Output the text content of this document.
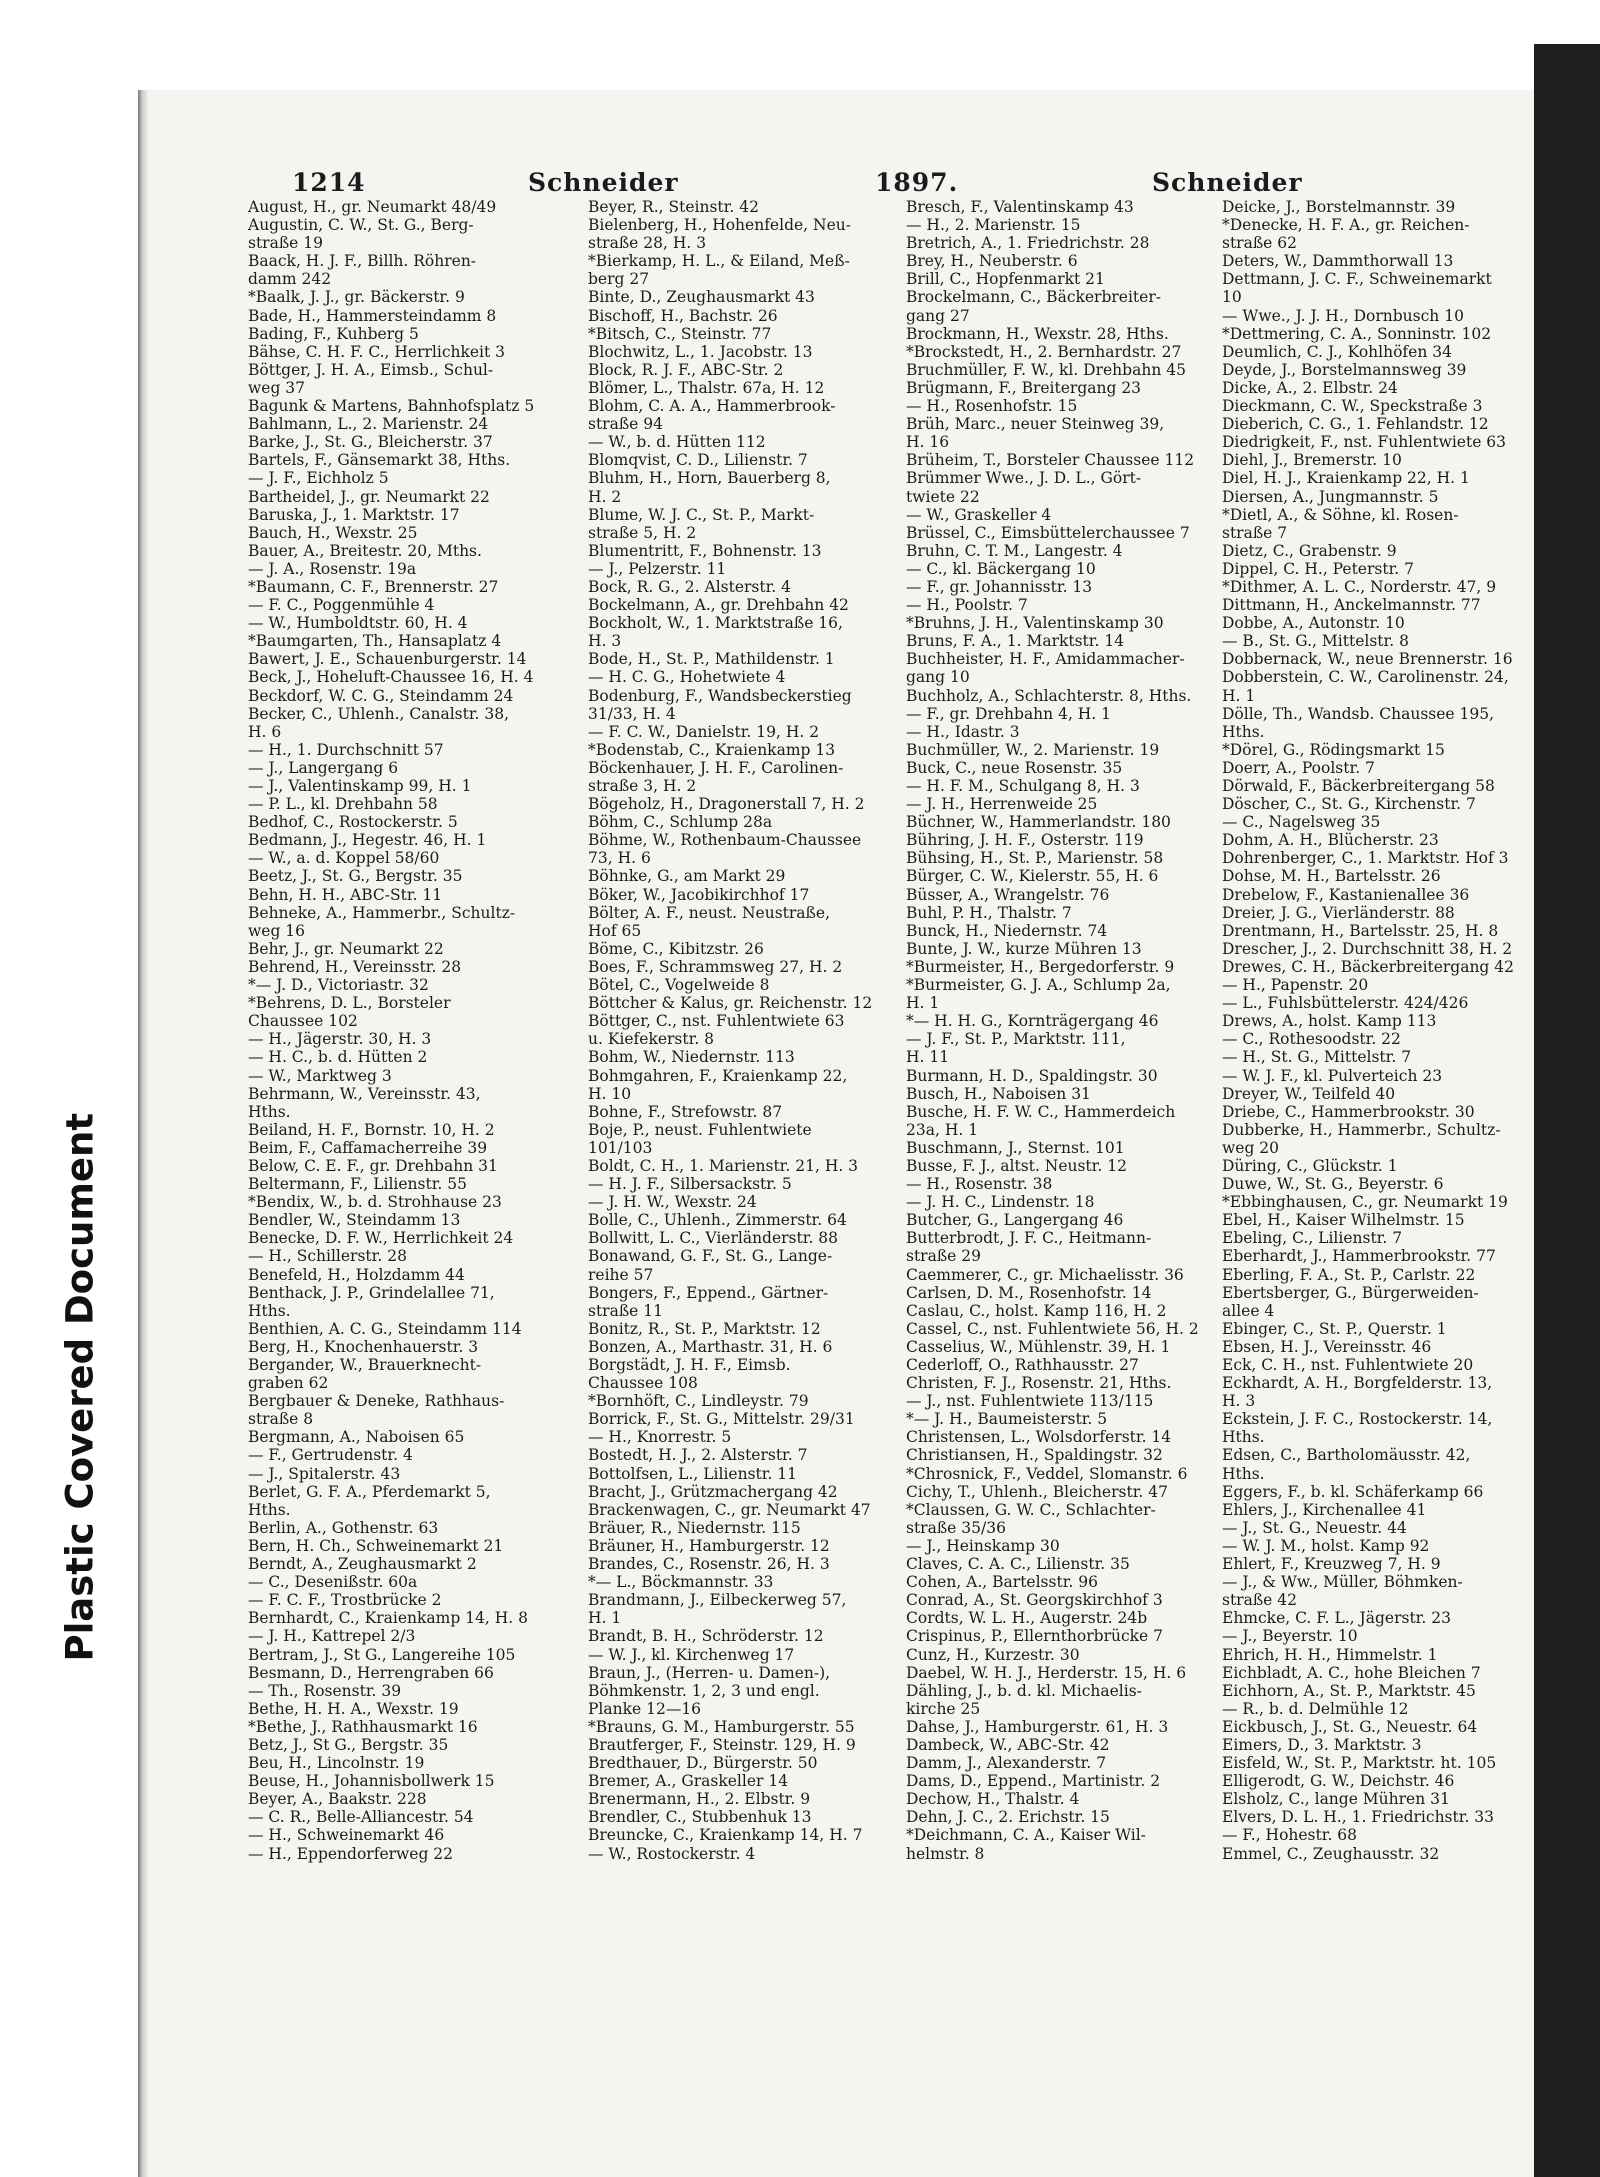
Plastic Covered Document
1214	Schneider	1897.	Schneider
August, H., gr. Neumarkt 48/49
Augustin, C. W., St. G., Berg-
straße 19
Baack, H. J. F., Billh. Röhren-
damm 242
*Baalk, J. J., gr. Bäckerstr. 9
Bade, H., Hammersteindamm 8
Bading, F., Kuhberg 5
Bähse, C. H. F. C., Herrlichkeit 3
Böttger, J. H. A., Eimsb., Schul-
weg 37
Bagunk & Martens, Bahnhofsplatz 5
Bahlmann, L., 2. Marienstr. 24
Barke, J., St. G., Bleicherstr. 37
Bartels, F., Gänsemarkt 38, Hths.
— J. F., Eichholz 5
Bartheidel, J., gr. Neumarkt 22
Baruska, J., 1. Marktstr. 17
Bauch, H., Wexstr. 25
Bauer, A., Breitestr. 20, Mths.
— J. A., Rosenstr. 19a
*Baumann, C. F., Brennerstr. 27
— F. C., Poggenmühle 4
— W., Humboldtstr. 60, H. 4
*Baumgarten, Th., Hansaplatz 4
Bawert, J. E., Schauenburgerstr. 14
Beck, J., Hoheluft-Chaussee 16, H. 4
Beckdorf, W. C. G., Steindamm 24
Becker, C., Uhlenh., Canalstr. 38,
H. 6
— H., 1. Durchschnitt 57
— J., Langergang 6
— J., Valentinskamp 99, H. 1
— P. L., kl. Drehbahn 58
Bedhof, C., Rostockerstr. 5
Bedmann, J., Hegestr. 46, H. 1
— W., a. d. Koppel 58/60
Beetz, J., St. G., Bergstr. 35
Behn, H. H., ABC-Str. 11
Behneke, A., Hammerbr., Schultz-
weg 16
Behr, J., gr. Neumarkt 22
Behrend, H., Vereinsstr. 28
*— J. D., Victoriastr. 32
*Behrens, D. L., Borsteler
Chaussee 102
— H., Jägerstr. 30, H. 3
— H. C., b. d. Hütten 2
— W., Marktweg 3
Behrmann, W., Vereinsstr. 43,
Hths.
Beiland, H. F., Bornstr. 10, H. 2
Beim, F., Caffamacherreihe 39
Below, C. E. F., gr. Drehbahn 31
Beltermann, F., Lilienstr. 55
*Bendix, W., b. d. Strohhause 23
Bendler, W., Steindamm 13
Benecke, D. F. W., Herrlichkeit 24
— H., Schillerstr. 28
Benefeld, H., Holzdamm 44
Benthack, J. P., Grindelallee 71,
Hths.
Benthien, A. C. G., Steindamm 114
Berg, H., Knochenhauerstr. 3
Bergander, W., Brauerknecht-
graben 62
Bergbauer & Deneke, Rathhaus-
straße 8
Bergmann, A., Naboisen 65
— F., Gertrudenstr. 4
— J., Spitalerstr. 43
Berlet, G. F. A., Pferdemarkt 5,
Hths.
Berlin, A., Gothenstr. 63
Bern, H. Ch., Schweinemarkt 21
Berndt, A., Zeughausmarkt 2
— C., Desenißstr. 60a
— F. C. F., Trostbrücke 2
Bernhardt, C., Kraienkamp 14, H. 8
— J. H., Kattrepel 2/3
Bertram, J., St G., Langereihe 105
Besmann, D., Herrengraben 66
— Th., Rosenstr. 39
Bethe, H. H. A., Wexstr. 19
*Bethe, J., Rathhausmarkt 16
Betz, J., St G., Bergstr. 35
Beu, H., Lincolnstr. 19
Beuse, H., Johannisbollwerk 15
Beyer, A., Baakstr. 228
— C. R., Belle-Alliancestr. 54
— H., Schweinemarkt 46
— H., Eppendorferweg 22
Beyer, R., Steinstr. 42
Bielenberg, H., Hohenfelde, Neu-
straße 28, H. 3
*Bierkamp, H. L., & Eiland, Meß-
berg 27
Binte, D., Zeughausmarkt 43
Bischoff, H., Bachstr. 26
*Bitsch, C., Steinstr. 77
Blochwitz, L., 1. Jacobstr. 13
Block, R. J. F., ABC-Str. 2
Blömer, L., Thalstr. 67a, H. 12
Blohm, C. A. A., Hammerbrook-
straße 94
— W., b. d. Hütten 112
Blomqvist, C. D., Lilienstr. 7
Bluhm, H., Horn, Bauerberg 8,
H. 2
Blume, W. J. C., St. P., Markt-
straße 5, H. 2
Blumentritt, F., Bohnenstr. 13
— J., Pelzerstr. 11
Bock, R. G., 2. Alsterstr. 4
Bockelmann, A., gr. Drehbahn 42
Bockholt, W., 1. Marktstraße 16,
H. 3
Bode, H., St. P., Mathildenstr. 1
— H. C. G., Hohetwiete 4
Bodenburg, F., Wandsbeckerstieg
31/33, H. 4
— F. C. W., Danielstr. 19, H. 2
*Bodenstab, C., Kraienkamp 13
Böckenhauer, J. H. F., Carolinen-
straße 3, H. 2
Bögeholz, H., Dragonerstall 7, H. 2
Böhm, C., Schlump 28a
Böhme, W., Rothenbaum-Chaussee
73, H. 6
Böhnke, G., am Markt 29
Böker, W., Jacobikirchhof 17
Bölter, A. F., neust. Neustraße,
Hof 65
Böme, C., Kibitzstr. 26
Boes, F., Schrammsweg 27, H. 2
Bötel, C., Vogelweide 8
Böttcher & Kalus, gr. Reichenstr. 12
Böttger, C., nst. Fuhlentwiete 63
u. Kiefekerstr. 8
Bohm, W., Niedernstr. 113
Bohmgahren, F., Kraienkamp 22,
H. 10
Bohne, F., Strefowstr. 87
Boje, P., neust. Fuhlentwiete
101/103
Boldt, C. H., 1. Marienstr. 21, H. 3
— H. J. F., Silbersackstr. 5
— J. H. W., Wexstr. 24
Bolle, C., Uhlenh., Zimmerstr. 64
Bollwitt, L. C., Vierländerstr. 88
Bonawand, G. F., St. G., Lange-
reihe 57
Bongers, F., Eppend., Gärtner-
straße 11
Bonitz, R., St. P., Marktstr. 12
Bonzen, A., Marthastr. 31, H. 6
Borgstädt, J. H. F., Eimsb.
Chaussee 108
*Bornhöft, C., Lindleystr. 79
Borrick, F., St. G., Mittelstr. 29/31
— H., Knorrestr. 5
Bostedt, H. J., 2. Alsterstr. 7
Bottolfsen, L., Lilienstr. 11
Bracht, J., Grützmachergang 42
Brackenwagen, C., gr. Neumarkt 47
Bräuer, R., Niedernstr. 115
Bräuner, H., Hamburgerstr. 12
Brandes, C., Rosenstr. 26, H. 3
*— L., Böckmannstr. 33
Brandmann, J., Eilbeckerweg 57,
H. 1
Brandt, B. H., Schröderstr. 12
— W. J., kl. Kirchenweg 17
Braun, J., (Herren- u. Damen-),
Böhmkenstr. 1, 2, 3 und engl.
Planke 12—16
*Brauns, G. M., Hamburgerstr. 55
Brautferger, F., Steinstr. 129, H. 9
Bredthauer, D., Bürgerstr. 50
Bremer, A., Graskeller 14
Brenermann, H., 2. Elbstr. 9
Brendler, C., Stubbenhuk 13
Breuncke, C., Kraienkamp 14, H. 7
— W., Rostockerstr. 4
Bresch, F., Valentinskamp 43
— H., 2. Marienstr. 15
Bretrich, A., 1. Friedrichstr. 28
Brey, H., Neuberstr. 6
Brill, C., Hopfenmarkt 21
Brockelmann, C., Bäckerbreiter-
gang 27
Brockmann, H., Wexstr. 28, Hths.
*Brockstedt, H., 2. Bernhardstr. 27
Bruchmüller, F. W., kl. Drehbahn 45
Brügmann, F., Breitergang 23
— H., Rosenhofstr. 15
Brüh, Marc., neuer Steinweg 39,
H. 16
Brüheim, T., Borsteler Chaussee 112
Brümmer Wwe., J. D. L., Gört-
twiete 22
— W., Graskeller 4
Brüssel, C., Eimsbüttelerchaussee 7
Bruhn, C. T. M., Langestr. 4
— C., kl. Bäckergang 10
— F., gr. Johannisstr. 13
— H., Poolstr. 7
*Bruhns, J. H., Valentinskamp 30
Bruns, F. A., 1. Marktstr. 14
Buchheister, H. F., Amidammacher-
gang 10
Buchholz, A., Schlachterstr. 8, Hths.
— F., gr. Drehbahn 4, H. 1
— H., Idastr. 3
Buchmüller, W., 2. Marienstr. 19
Buck, C., neue Rosenstr. 35
— H. F. M., Schulgang 8, H. 3
— J. H., Herrenweide 25
Büchner, W., Hammerlandstr. 180
Bühring, J. H. F., Osterstr. 119
Bühsing, H., St. P., Marienstr. 58
Bürger, C. W., Kielerstr. 55, H. 6
Büsser, A., Wrangelstr. 76
Buhl, P. H., Thalstr. 7
Bunck, H., Niedernstr. 74
Bunte, J. W., kurze Mühren 13
*Burmeister, H., Bergedorferstr. 9
*Burmeister, G. J. A., Schlump 2a,
H. 1
*— H. H. G., Kornträgergang 46
— J. F., St. P., Marktstr. 111,
H. 11
Burmann, H. D., Spaldingstr. 30
Busch, H., Naboisen 31
Busche, H. F. W. C., Hammerdeich
23a, H. 1
Buschmann, J., Sternst. 101
Busse, F. J., altst. Neustr. 12
— H., Rosenstr. 38
— J. H. C., Lindenstr. 18
Butcher, G., Langergang 46
Butterbrodt, J. F. C., Heitmann-
straße 29
Caemmerer, C., gr. Michaelisstr. 36
Carlsen, D. M., Rosenhofstr. 14
Caslau, C., holst. Kamp 116, H. 2
Cassel, C., nst. Fuhlentwiete 56, H. 2
Casselius, W., Mühlenstr. 39, H. 1
Cederloff, O., Rathhausstr. 27
Christen, F. J., Rosenstr. 21, Hths.
— J., nst. Fuhlentwiete 113/115
*— J. H., Baumeisterstr. 5
Christensen, L., Wolsdorferstr. 14
Christiansen, H., Spaldingstr. 32
*Chrosnick, F., Veddel, Slomanstr. 6
Cichy, T., Uhlenh., Bleicherstr. 47
*Claussen, G. W. C., Schlachter-
straße 35/36
— J., Heinskamp 30
Claves, C. A. C., Lilienstr. 35
Cohen, A., Bartelsstr. 96
Conrad, A., St. Georgskirchhof 3
Cordts, W. L. H., Augerstr. 24b
Crispinus, P., Ellernthorbrücke 7
Cunz, H., Kurzestr. 30
Daebel, W. H. J., Herderstr. 15, H. 6
Dähling, J., b. d. kl. Michaelis-
kirche 25
Dahse, J., Hamburgerstr. 61, H. 3
Dambeck, W., ABC-Str. 42
Damm, J., Alexanderstr. 7
Dams, D., Eppend., Martinistr. 2
Dechow, H., Thalstr. 4
Dehn, J. C., 2. Erichstr. 15
*Deichmann, C. A., Kaiser Wil-
helmstr. 8
Deicke, J., Borstelmannstr. 39
*Denecke, H. F. A., gr. Reichen-
straße 62
Deters, W., Dammthorwall 13
Dettmann, J. C. F., Schweinemarkt
10
— Wwe., J. J. H., Dornbusch 10
*Dettmering, C. A., Sonninstr. 102
Deumlich, C. J., Kohlhöfen 34
Deyde, J., Borstelmannsweg 39
Dicke, A., 2. Elbstr. 24
Dieckmann, C. W., Speckstraße 3
Dieberich, C. G., 1. Fehlandstr. 12
Diedrigkeit, F., nst. Fuhlentwiete 63
Diehl, J., Bremerstr. 10
Diel, H. J., Kraienkamp 22, H. 1
Diersen, A., Jungmannstr. 5
*Dietl, A., & Söhne, kl. Rosen-
straße 7
Dietz, C., Grabenstr. 9
Dippel, C. H., Peterstr. 7
*Dithmer, A. L. C., Norderstr. 47, 9
Dittmann, H., Anckelmannstr. 77
Dobbe, A., Autonstr. 10
— B., St. G., Mittelstr. 8
Dobbernack, W., neue Brennerstr. 16
Dobberstein, C. W., Carolinenstr. 24,
H. 1
Dölle, Th., Wandsb. Chaussee 195,
Hths.
*Dörel, G., Rödingsmarkt 15
Doerr, A., Poolstr. 7
Dörwald, F., Bäckerbreitergang 58
Döscher, C., St. G., Kirchenstr. 7
— C., Nagelsweg 35
Dohm, A. H., Blücherstr. 23
Dohrenberger, C., 1. Marktstr. Hof 3
Dohse, M. H., Bartelsstr. 26
Drebelow, F., Kastanienallee 36
Dreier, J. G., Vierländerstr. 88
Drentmann, H., Bartelsstr. 25, H. 8
Drescher, J., 2. Durchschnitt 38, H. 2
Drewes, C. H., Bäckerbreitergang 42
— H., Papenstr. 20
— L., Fuhlsbüttelerstr. 424/426
Drews, A., holst. Kamp 113
— C., Rothesoodstr. 22
— H., St. G., Mittelstr. 7
— W. J. F., kl. Pulverteich 23
Dreyer, W., Teilfeld 40
Driebe, C., Hammerbrookstr. 30
Dubberke, H., Hammerbr., Schultz-
weg 20
Düring, C., Glückstr. 1
Duwe, W., St. G., Beyerstr. 6
*Ebbinghausen, C., gr. Neumarkt 19
Ebel, H., Kaiser Wilhelmstr. 15
Ebeling, C., Lilienstr. 7
Eberhardt, J., Hammerbrookstr. 77
Eberling, F. A., St. P., Carlstr. 22
Ebertsberger, G., Bürgerweiden-
allee 4
Ebinger, C., St. P., Querstr. 1
Ebsen, H. J., Vereinsstr. 46
Eck, C. H., nst. Fuhlentwiete 20
Eckhardt, A. H., Borgfelderstr. 13,
H. 3
Eckstein, J. F. C., Rostockerstr. 14,
Hths.
Edsen, C., Bartholomäusstr. 42,
Hths.
Eggers, F., b. kl. Schäferkamp 66
Ehlers, J., Kirchenallee 41
— J., St. G., Neuestr. 44
— W. J. M., holst. Kamp 92
Ehlert, F., Kreuzweg 7, H. 9
— J., & Ww., Müller, Böhmken-
straße 42
Ehmcke, C. F. L., Jägerstr. 23
— J., Beyerstr. 10
Ehrich, H. H., Himmelstr. 1
Eichbladt, A. C., hohe Bleichen 7
Eichhorn, A., St. P., Marktstr. 45
— R., b. d. Delmühle 12
Eickbusch, J., St. G., Neuestr. 64
Eimers, D., 3. Marktstr. 3
Eisfeld, W., St. P., Marktstr. ht. 105
Elligerodt, G. W., Deichstr. 46
Elsholz, C., lange Mühren 31
Elvers, D. L. H., 1. Friedrichstr. 33
— F., Hohestr. 68
Emmel, C., Zeughausstr. 32
